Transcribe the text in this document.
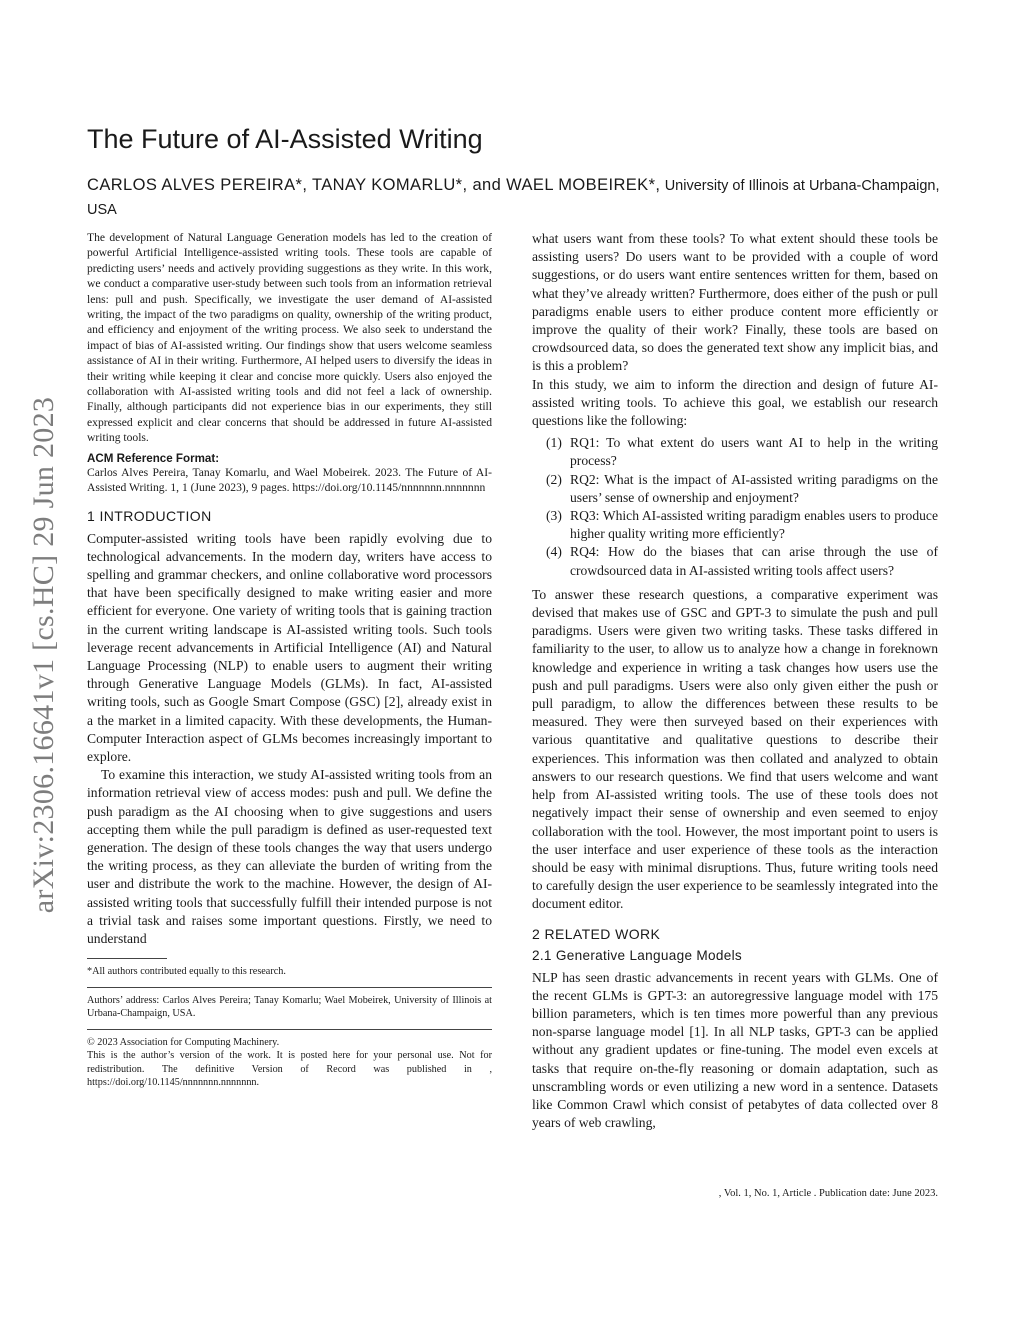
arXiv:2306.16641v1 [cs.HC] 29 Jun 2023
The Future of AI-Assisted Writing
CARLOS ALVES PEREIRA*, TANAY KOMARLU*, and WAEL MOBEIREK*, University of Illinois at Urbana-Champaign, USA

The development of Natural Language Generation models has led to the creation of powerful Artificial Intelligence-assisted writing tools. These tools are capable of predicting users’ needs and actively providing suggestions as they write. In this work, we conduct a comparative user-study between such tools from an information retrieval lens: pull and push. Specifically, we investigate the user demand of AI-assisted writing, the impact of the two paradigms on quality, ownership of the writing product, and efficiency and enjoyment of the writing process. We also seek to understand the impact of bias of AI-assisted writing. Our findings show that users welcome seamless assistance of AI in their writing. Furthermore, AI helped users to diversify the ideas in their writing while keeping it clear and concise more quickly. Users also enjoyed the collaboration with AI-assisted writing tools and did not feel a lack of ownership. Finally, although participants did not experience bias in our experiments, they still expressed explicit and clear concerns that should be addressed in future AI-assisted writing tools.

ACM Reference Format:

Carlos Alves Pereira, Tanay Komarlu, and Wael Mobeirek. 2023. The Future of AI-Assisted Writing. 1, 1 (June 2023), 9 pages. https://doi.org/10.1145/nnnnnnn.nnnnnnn

1 INTRODUCTION

Computer-assisted writing tools have been rapidly evolving due to technological advancements. In the modern day, writers have access to spelling and grammar checkers, and online collaborative word processors that have been specifically designed to make writing easier and more efficient for everyone. One variety of writing tools that is gaining traction in the current writing landscape is AI-assisted writing tools. Such tools leverage recent advancements in Artificial Intelligence (AI) and Natural Language Processing (NLP) to enable users to augment their writing through Generative Language Models (GLMs). In fact, AI-assisted writing tools, such as Google Smart Compose (GSC) [2], already exist in a the market in a limited capacity. With these developments, the Human-Computer Interaction aspect of GLMs becomes increasingly important to explore.

To examine this interaction, we study AI-assisted writing tools from an information retrieval view of access modes: push and pull. We define the push paradigm as the AI choosing when to give suggestions and users accepting them while the pull paradigm is defined as user-requested text generation. The design of these tools changes the way that users undergo the writing process, as they can alleviate the burden of writing from the user and distribute the work to the machine. However, the design of AI-assisted writing tools that successfully fulfill their intended purpose is not a trivial task and raises some important questions. Firstly, we need to understand

*All authors contributed equally to this research.

Authors’ address: Carlos Alves Pereira; Tanay Komarlu; Wael Mobeirek, University of Illinois at Urbana-Champaign, USA.

© 2023 Association for Computing Machinery.

This is the author’s version of the work. It is posted here for your personal use. Not for redistribution. The definitive Version of Record was published in , https://doi.org/10.1145/nnnnnnn.nnnnnnn.

what users want from these tools? To what extent should these tools be assisting users? Do users want to be provided with a couple of word suggestions, or do users want entire sentences written for them, based on what they’ve already written? Furthermore, does either of the push or pull paradigms enable users to either produce content more efficiently or improve the quality of their work? Finally, these tools are based on crowdsourced data, so does the generated text show any implicit bias, and is this a problem?

In this study, we aim to inform the direction and design of future AI-assisted writing tools. To achieve this goal, we establish our research questions like the following:

(1) RQ1: To what extent do users want AI to help in the writing process?
(2) RQ2: What is the impact of AI-assisted writing paradigms on the users’ sense of ownership and enjoyment?
(3) RQ3: Which AI-assisted writing paradigm enables users to produce higher quality writing more efficiently?
(4) RQ4: How do the biases that can arise through the use of crowdsourced data in AI-assisted writing tools affect users?

To answer these research questions, a comparative experiment was devised that makes use of GSC and GPT-3 to simulate the push and pull paradigms. Users were given two writing tasks. These tasks differed in familiarity to the user, to allow us to analyze how a change in foreknown knowledge and experience in writing a task changes how users use the push and pull paradigms. Users were also only given either the push or pull paradigm, to allow the differences between these results to be measured. They were then surveyed based on their experiences with various quantitative and qualitative questions to describe their experiences. This information was then collated and analyzed to obtain answers to our research questions. We find that users welcome and want help from AI-assisted writing tools. The use of these tools does not negatively impact their sense of ownership and even seemed to enjoy collaboration with the tool. However, the most important point to users is the user interface and user experience of these tools as the interaction should be easy with minimal disruptions. Thus, future writing tools need to carefully design the user experience to be seamlessly integrated into the document editor.

2 RELATED WORK
2.1 Generative Language Models

NLP has seen drastic advancements in recent years with GLMs. One of the recent GLMs is GPT-3: an autoregressive language model with 175 billion parameters, which is ten times more powerful than any previous non-sparse language model [1]. In all NLP tasks, GPT-3 can be applied without any gradient updates or fine-tuning. The model even excels at tasks that require on-the-fly reasoning or domain adaptation, such as unscrambling words or even utilizing a new word in a sentence. Datasets like Common Crawl which consist of petabytes of data collected over 8 years of web crawling,

, Vol. 1, No. 1, Article . Publication date: June 2023.
